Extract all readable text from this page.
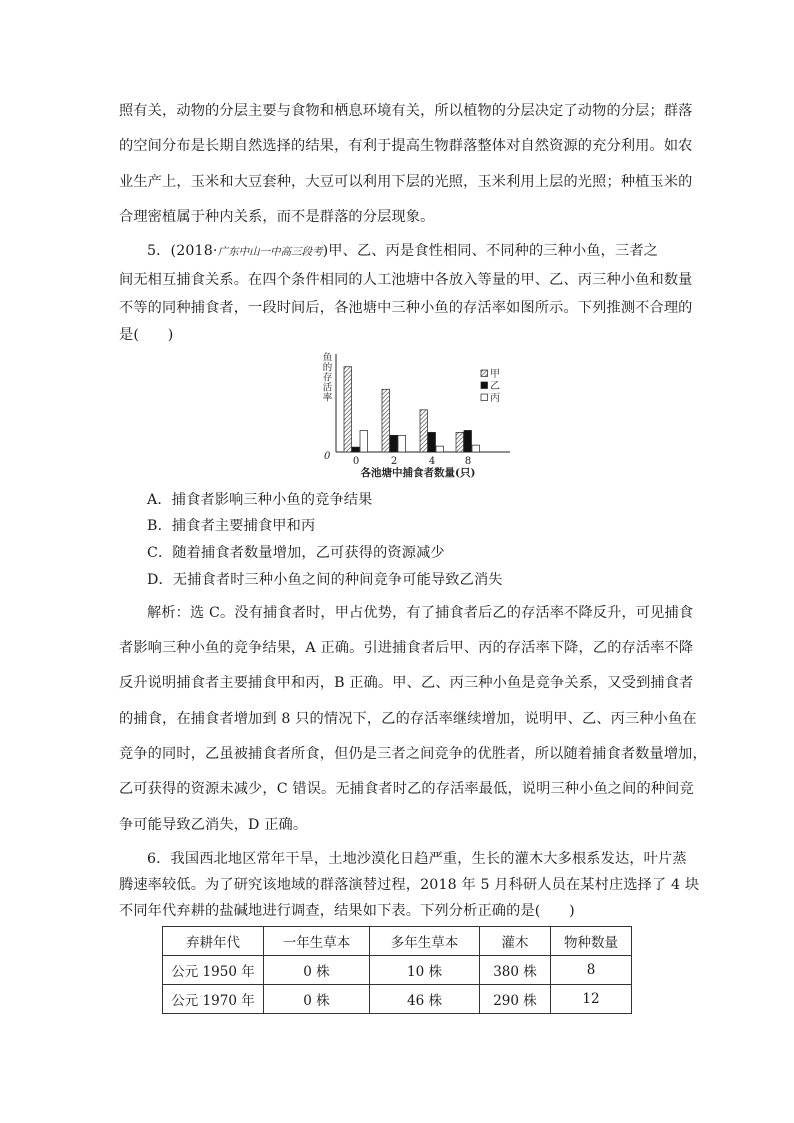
照有关，动物的分层主要与食物和栖息环境有关，所以植物的分层决定了动物的分层；群落
的空间分布是长期自然选择的结果，有利于提高生物群落整体对自然资源的充分利用。如农
业生产上，玉米和大豆套种，大豆可以利用下层的光照，玉米利用上层的光照；种植玉米的
合理密植属于种内关系，而不是群落的分层现象。
5．(2018·广东中山一中高三段考)甲、乙、丙是食性相同、不同种的三种小鱼，三者之
间无相互捕食关系。在四个条件相同的人工池塘中各放入等量的甲、乙、丙三种小鱼和数量
不等的同种捕食者，一段时间后，各池塘中三种小鱼的存活率如图所示。下列推测不合理的
是(　　)
鱼的存活率
0 0	2	4	8
各池塘中捕食者数量(只)
甲
乙
丙
A．捕食者影响三种小鱼的竞争结果
B．捕食者主要捕食甲和丙
C．随着捕食者数量增加，乙可获得的资源减少
D．无捕食者时三种小鱼之间的种间竞争可能导致乙消失
解析：选 C。没有捕食者时，甲占优势，有了捕食者后乙的存活率不降反升，可见捕食
者影响三种小鱼的竞争结果，A 正确。引进捕食者后甲、丙的存活率下降，乙的存活率不降
反升说明捕食者主要捕食甲和丙，B 正确。甲、乙、丙三种小鱼是竞争关系，又受到捕食者
的捕食，在捕食者增加到 8 只的情况下，乙的存活率继续增加，说明甲、乙、丙三种小鱼在
竞争的同时，乙虽被捕食者所食，但仍是三者之间竞争的优胜者，所以随着捕食者数量增加，
乙可获得的资源未减少，C 错误。无捕食者时乙的存活率最低，说明三种小鱼之间的种间竞
争可能导致乙消失，D 正确。
6．我国西北地区常年干旱，土地沙漠化日趋严重，生长的灌木大多根系发达，叶片蒸
腾速率较低。为了研究该地域的群落演替过程，2018 年 5 月科研人员在某村庄选择了 4 块
不同年代弃耕的盐碱地进行调查，结果如下表。下列分析正确的是(　　)
弃耕年代	一年生草本	多年生草本	灌木	物种数量
公元 1950 年	0 株	10 株	380 株	8
公元 1970 年	0 株	46 株	290 株	12
